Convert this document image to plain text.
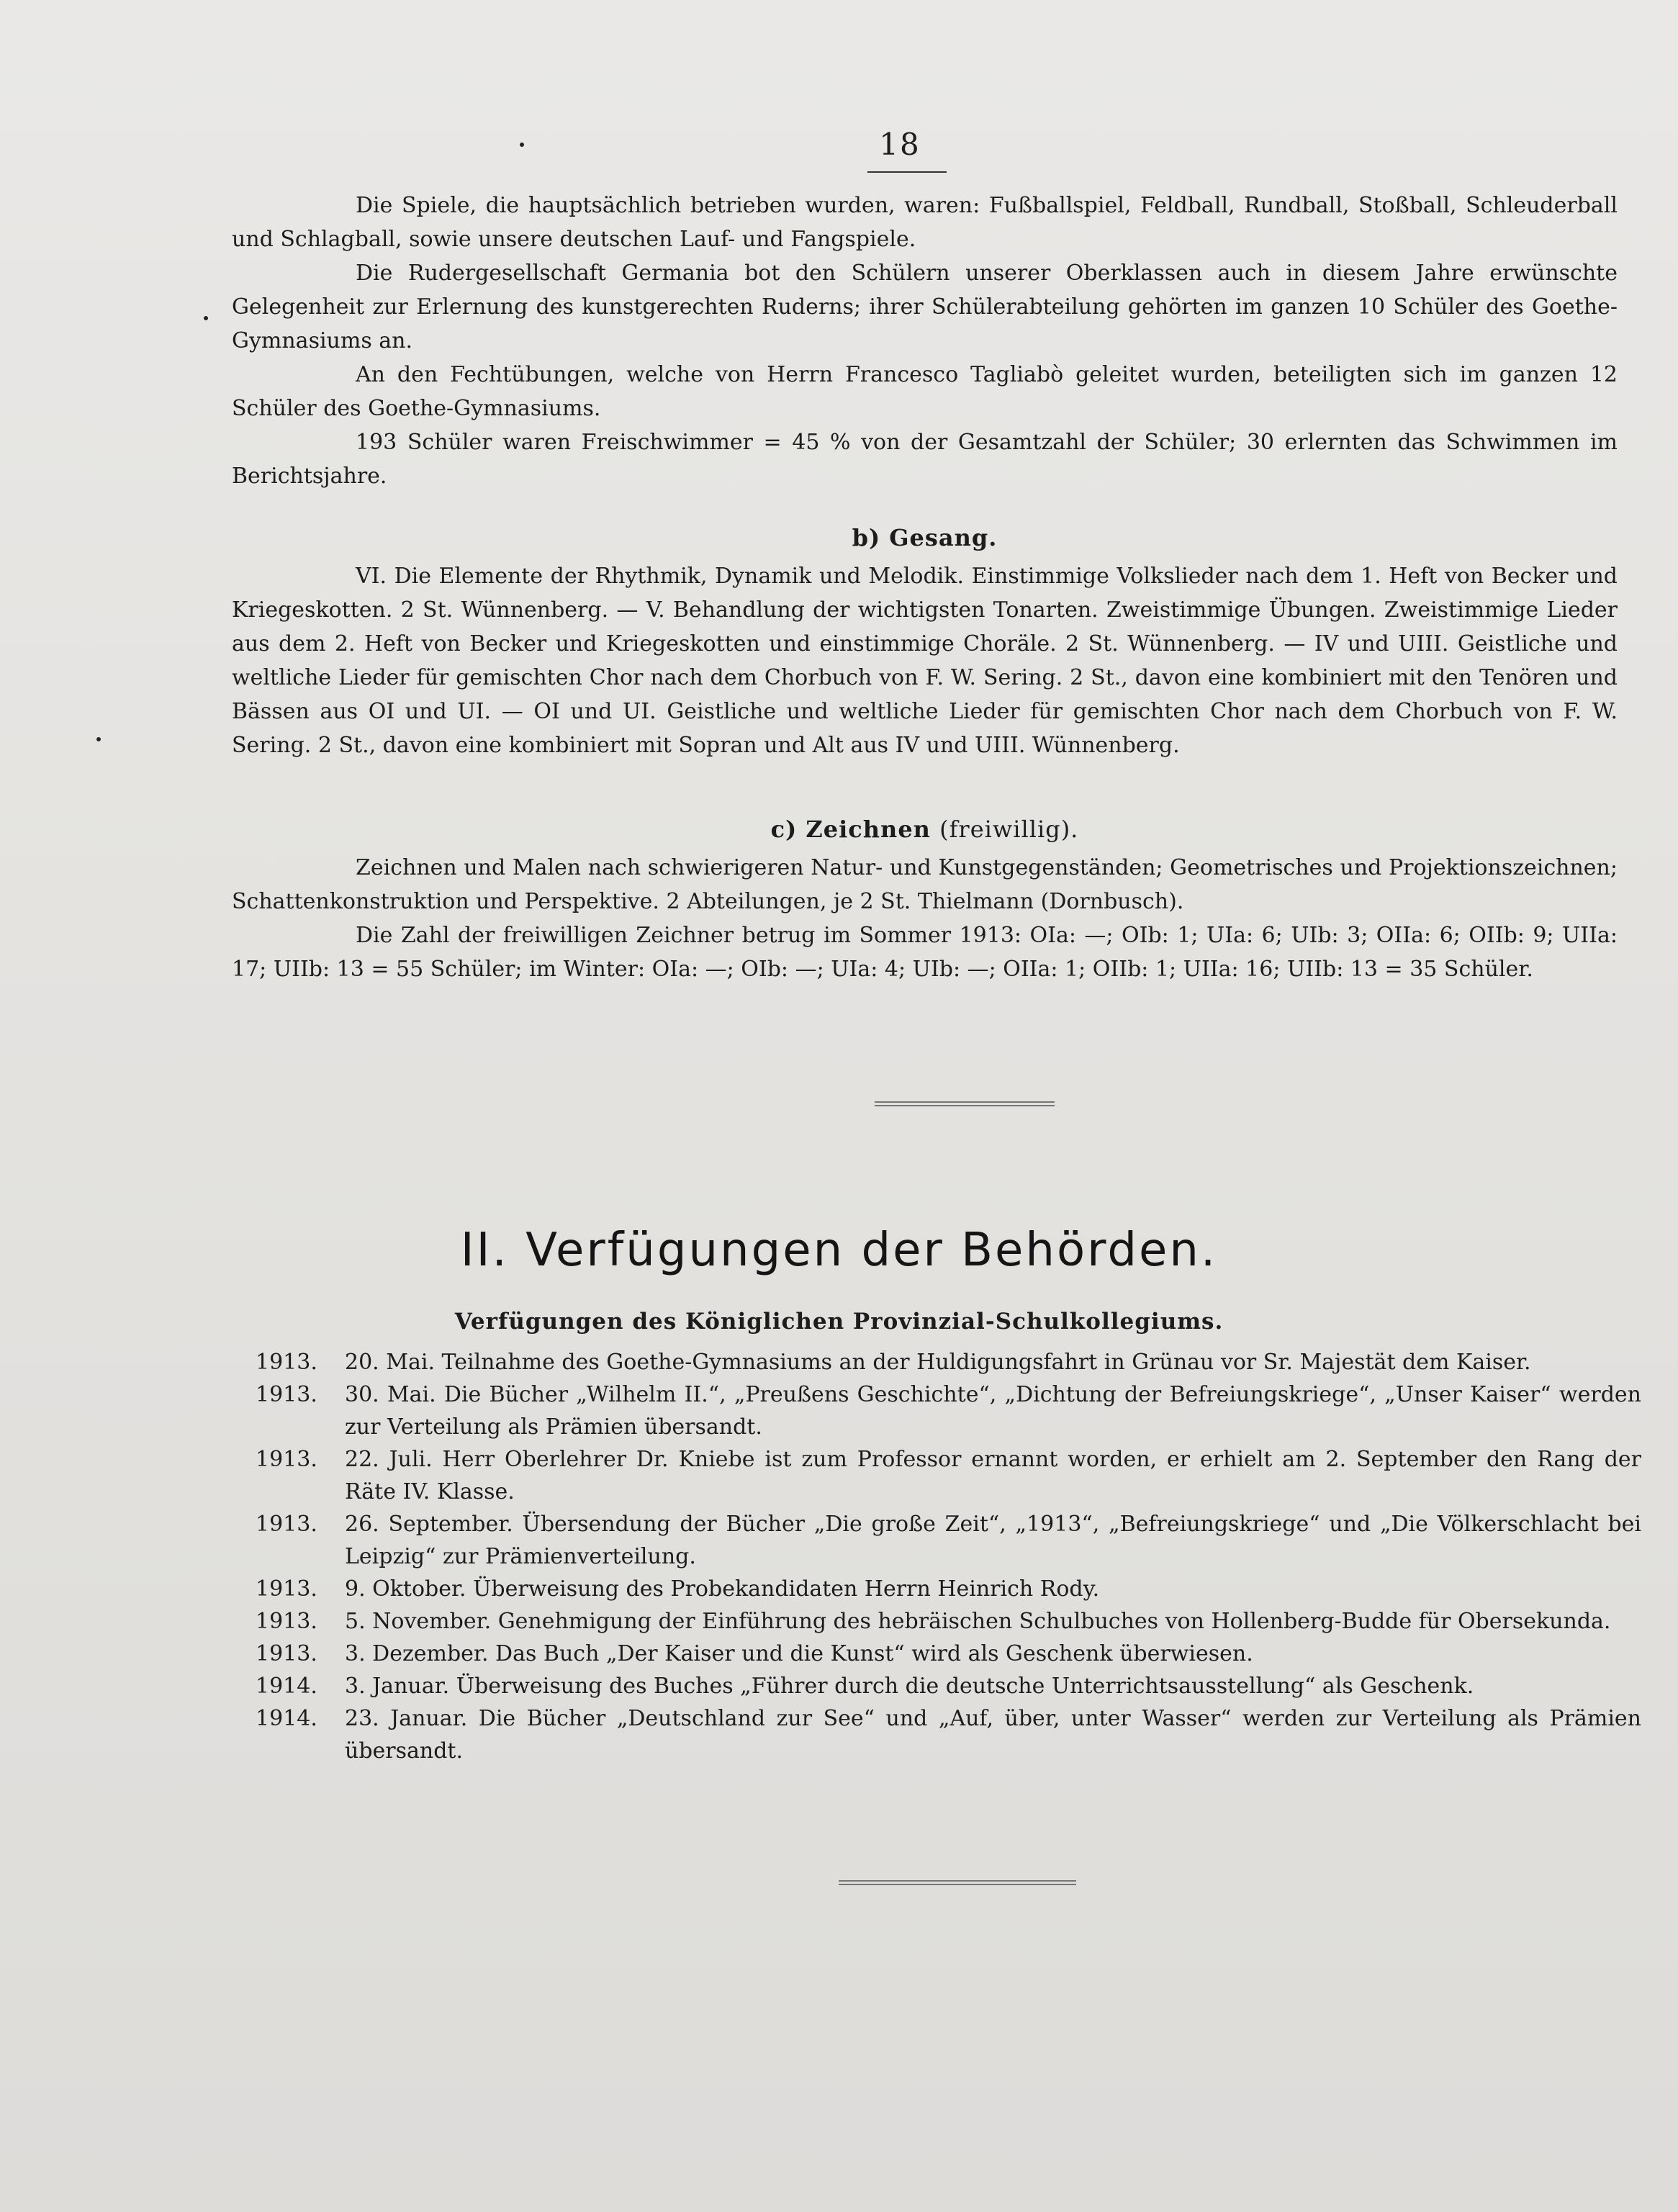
18

Die Spiele, die hauptsächlich betrieben wurden, waren: Fußballspiel, Feldball, Rundball, Stoßball, Schleuderball und Schlagball, sowie unsere deutschen Lauf- und Fangspiele.

Die Rudergesellschaft Germania bot den Schülern unserer Oberklassen auch in diesem Jahre erwünschte Gelegenheit zur Erlernung des kunstgerechten Ruderns; ihrer Schülerabteilung gehörten im ganzen 10 Schüler des Goethe-Gymnasiums an.

An den Fechtübungen, welche von Herrn Francesco Tagliabò geleitet wurden, beteiligten sich im ganzen 12 Schüler des Goethe-Gymnasiums.

193 Schüler waren Freischwimmer = 45 % von der Gesamtzahl der Schüler; 30 erlernten das Schwimmen im Berichtsjahre.

b) Gesang.

VI. Die Elemente der Rhythmik, Dynamik und Melodik. Einstimmige Volkslieder nach dem 1. Heft von Becker und Kriegeskotten. 2 St. Wünnenberg. — V. Behandlung der wichtigsten Tonarten. Zweistimmige Übungen. Zweistimmige Lieder aus dem 2. Heft von Becker und Kriegeskotten und einstimmige Choräle. 2 St. Wünnenberg. — IV und UIII. Geistliche und weltliche Lieder für gemischten Chor nach dem Chorbuch von F. W. Sering. 2 St., davon eine kombiniert mit den Tenören und Bässen aus OI und UI. — OI und UI. Geistliche und weltliche Lieder für gemischten Chor nach dem Chorbuch von F. W. Sering. 2 St., davon eine kombiniert mit Sopran und Alt aus IV und UIII. Wünnenberg.

c) Zeichnen (freiwillig).

Zeichnen und Malen nach schwierigeren Natur- und Kunstgegenständen; Geometrisches und Projektionszeichnen; Schattenkonstruktion und Perspektive. 2 Abteilungen, je 2 St. Thielmann (Dornbusch).

Die Zahl der freiwilligen Zeichner betrug im Sommer 1913: OIa: —; OIb: 1; UIa: 6; UIb: 3; OIIa: 6; OIIb: 9; UIIa: 17; UIIb: 13 = 55 Schüler; im Winter: OIa: —; OIb: —; UIa: 4; UIb: —; OIIa: 1; OIIb: 1; UIIa: 16; UIIb: 13 = 35 Schüler.

II. Verfügungen der Behörden.
Verfügungen des Königlichen Provinzial-Schulkollegiums.
1913.	20. Mai. Teilnahme des Goethe-Gymnasiums an der Huldigungsfahrt in Grünau vor Sr. Majestät dem Kaiser.
1913.	30. Mai. Die Bücher „Wilhelm II.“, „Preußens Geschichte“, „Dichtung der Befreiungskriege“, „Unser Kaiser“ werden zur Verteilung als Prämien übersandt.
1913.	22. Juli. Herr Oberlehrer Dr. Kniebe ist zum Professor ernannt worden, er erhielt am 2. September den Rang der Räte IV. Klasse.
1913.	26. September. Übersendung der Bücher „Die große Zeit“, „1913“, „Befreiungskriege“ und „Die Völkerschlacht bei Leipzig“ zur Prämienverteilung.
1913.	9. Oktober. Überweisung des Probekandidaten Herrn Heinrich Rody.
1913.	5. November. Genehmigung der Einführung des hebräischen Schulbuches von Hollenberg-Budde für Obersekunda.
1913.	3. Dezember. Das Buch „Der Kaiser und die Kunst“ wird als Geschenk überwiesen.
1914.	3. Januar. Überweisung des Buches „Führer durch die deutsche Unterrichtsausstellung“ als Geschenk.
1914.	23. Januar. Die Bücher „Deutschland zur See“ und „Auf, über, unter Wasser“ werden zur Verteilung als Prämien übersandt.
